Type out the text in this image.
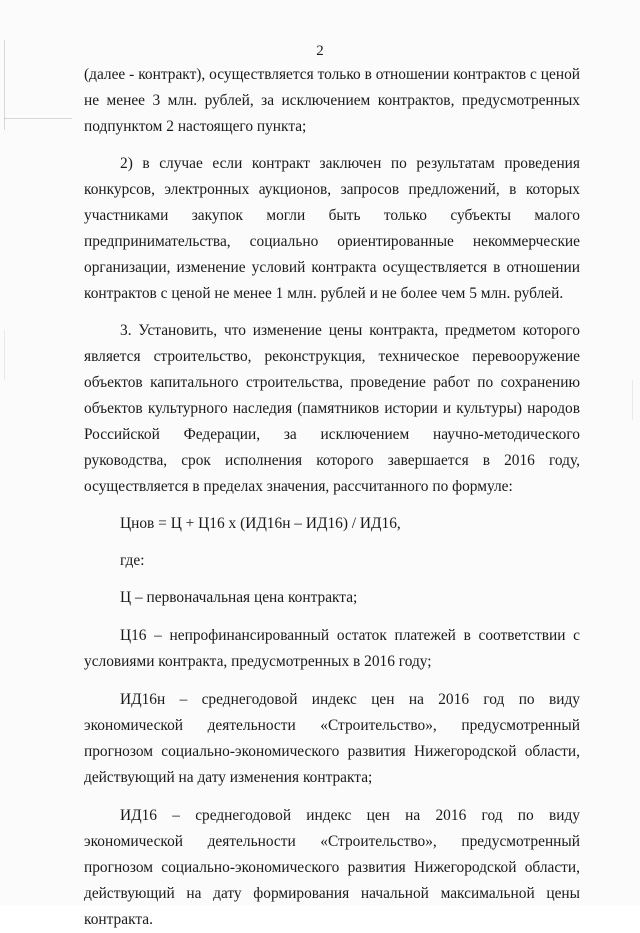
2

(далее - контракт), осуществляется только в отношении контрактов с ценой не менее 3 млн. рублей, за исключением контрактов, предусмотренных подпунктом 2 настоящего пункта;

2) в случае если контракт заключен по результатам проведения конкурсов, электронных аукционов, запросов предложений, в которых участниками закупок могли быть только субъекты малого предпринимательства, социально ориентированные некоммерческие организации, изменение условий контракта осуществляется в отношении контрактов с ценой не менее 1 млн. рублей и не более чем 5 млн. рублей.

3. Установить, что изменение цены контракта, предметом которого является строительство, реконструкция, техническое перевооружение объектов капитального строительства, проведение работ по сохранению объектов культурного наследия (памятников истории и культуры) народов Российской Федерации, за исключением научно-методического руководства, срок исполнения которого завершается в 2016 году, осуществляется в пределах значения, рассчитанного по формуле:

Цнов = Ц + Ц16 х (ИД16н – ИД16) / ИД16,

где:

Ц – первоначальная цена контракта;

Ц16 – непрофинансированный остаток платежей в соответствии с условиями контракта, предусмотренных в 2016 году;

ИД16н – среднегодовой индекс цен на 2016 год по виду экономической деятельности «Строительство», предусмотренный прогнозом социально-экономического развития Нижегородской области, действующий на дату изменения контракта;

ИД16 – среднегодовой индекс цен на 2016 год по виду экономической деятельности «Строительство», предусмотренный прогнозом социально-экономического развития Нижегородской области, действующий на дату формирования начальной максимальной цены контракта.
